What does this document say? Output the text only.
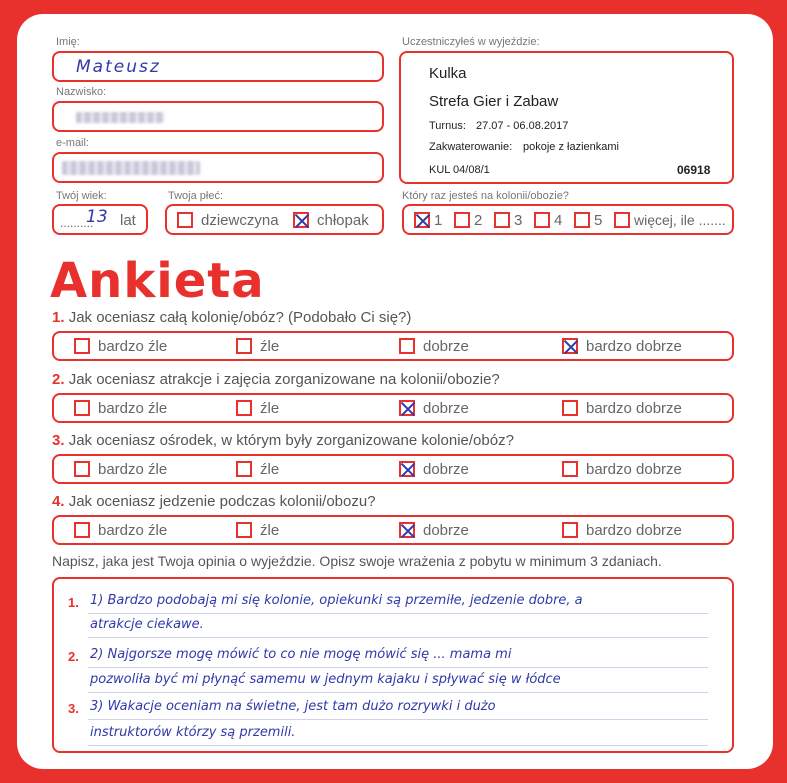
Imię:
Mateusz
Nazwisko:
e-mail:
Twój wiek:
..........
13 lat
Twoja płeć:
dziewczyna	chłopak
Uczestniczyłeś w wyjeździe:
Kulka
Strefa Gier i Zabaw
Turnus: 27.07 - 06.08.2017
Zakwaterowanie: pokoje z łazienkami
KUL 04/08/1	06918
Który raz jesteś na kolonii/obozie?
1 2 3 4 5 więcej, ile .......
Ankieta
1. Jak oceniasz całą kolonię/obóz? (Podobało Ci się?)
bardzo źle	źle	dobrze	bardzo dobrze
2. Jak oceniasz atrakcje i zajęcia zorganizowane na kolonii/obozie?
bardzo źle	źle	dobrze	bardzo dobrze
3. Jak oceniasz ośrodek, w którym były zorganizowane kolonie/obóz?
bardzo źle	źle	dobrze	bardzo dobrze
4. Jak oceniasz jedzenie podczas kolonii/obozu?
bardzo źle	źle	dobrze	bardzo dobrze
Napisz, jaka jest Twoja opinia o wyjeździe. Opisz swoje wrażenia z pobytu w minimum 3 zdaniach.
1) Bardzo podobają mi się kolonie, opiekunki są przemiłe, jedzenie dobre, a
atrakcje ciekawe.
2) Najgorsze mogę mówić to co nie mogę mówić się ... mama mi
pozwoliła być mi płynąć samemu w jednym kajaku i spływać się w łódce
3) Wakacje oceniam na świetne, jest tam dużo rozrywki i dużo
instruktorów którzy są przemili.
1.
2.
3.
